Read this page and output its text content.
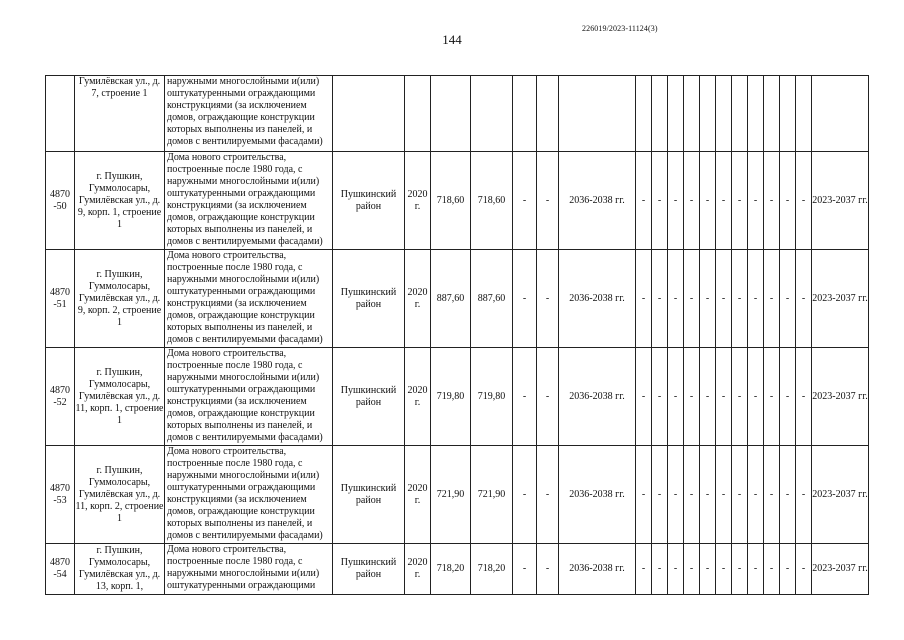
144
226019/2023-11124(3)
	Гумилёвская ул., д. 7, строение 1	наружными многослойными и(или) оштукатуренными ограждающими конструкциями (за исключением домов, ограждающие конструкции которых выполнены из панелей, и домов с вентилируемыми фасадами)																			
4870 -50	г. Пушкин, Гуммолосары, Гумилёвская ул., д. 9, корп. 1, строение 1	Дома нового строительства, построенные после 1980 года, с наружными многослойными и(или) оштукатуренными ограждающими конструкциями (за исключением домов, ограждающие конструкции которых выполнены из панелей, и домов с вентилируемыми фасадами)	Пушкинский район	2020 г.	718,60	718,60	-	-	2036-2038 гг.	-	-	-	-	-	-	-	-	-	-	-	2023-2037 гг.
4870 -51	г. Пушкин, Гуммолосары, Гумилёвская ул., д. 9, корп. 2, строение 1	Дома нового строительства, построенные после 1980 года, с наружными многослойными и(или) оштукатуренными ограждающими конструкциями (за исключением домов, ограждающие конструкции которых выполнены из панелей, и домов с вентилируемыми фасадами)	Пушкинский район	2020 г.	887,60	887,60	-	-	2036-2038 гг.	-	-	-	-	-	-	-	-	-	-	-	2023-2037 гг.
4870 -52	г. Пушкин, Гуммолосары, Гумилёвская ул., д. 11, корп. 1, строение 1	Дома нового строительства, построенные после 1980 года, с наружными многослойными и(или) оштукатуренными ограждающими конструкциями (за исключением домов, ограждающие конструкции которых выполнены из панелей, и домов с вентилируемыми фасадами)	Пушкинский район	2020 г.	719,80	719,80	-	-	2036-2038 гг.	-	-	-	-	-	-	-	-	-	-	-	2023-2037 гг.
4870 -53	г. Пушкин, Гуммолосары, Гумилёвская ул., д. 11, корп. 2, строение 1	Дома нового строительства, построенные после 1980 года, с наружными многослойными и(или) оштукатуренными ограждающими конструкциями (за исключением домов, ограждающие конструкции которых выполнены из панелей, и домов с вентилируемыми фасадами)	Пушкинский район	2020 г.	721,90	721,90	-	-	2036-2038 гг.	-	-	-	-	-	-	-	-	-	-	-	2023-2037 гг.
4870 -54	г. Пушкин, Гуммолосары, Гумилёвская ул., д. 13, корп. 1,	Дома нового строительства, построенные после 1980 года, с наружными многослойными и(или) оштукатуренными ограждающими	Пушкинский район	2020 г.	718,20	718,20	-	-	2036-2038 гг.	-	-	-	-	-	-	-	-	-	-	-	2023-2037 гг.
